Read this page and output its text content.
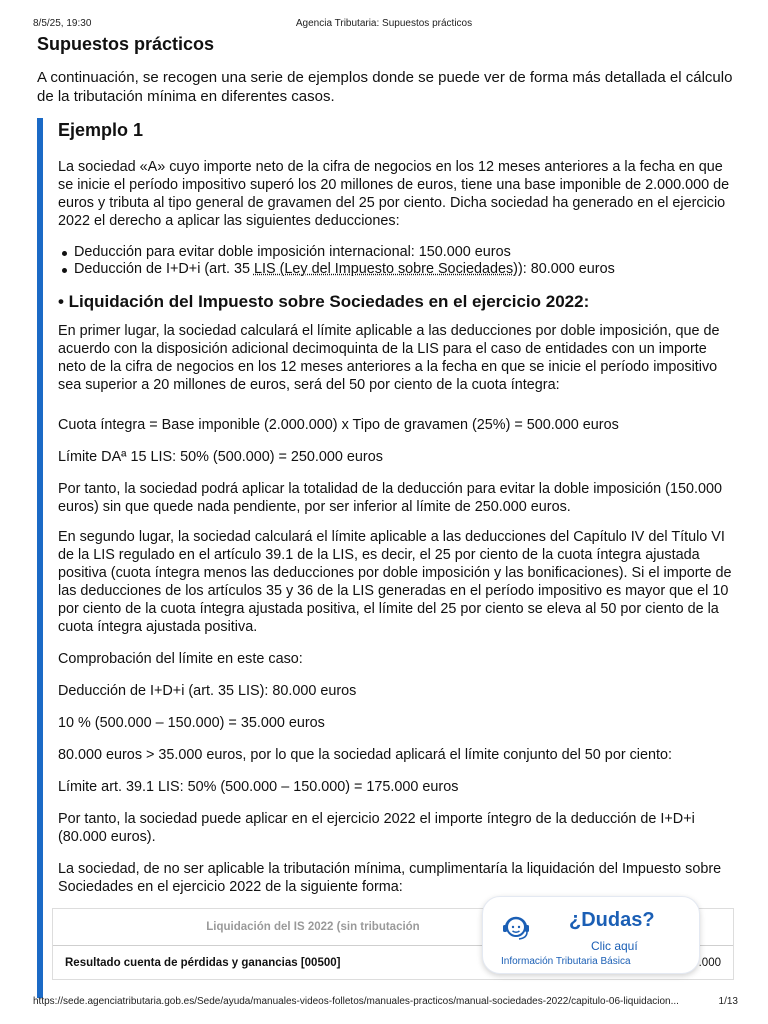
8/5/25, 19:30	Agencia Tributaria: Supuestos prácticos
Supuestos prácticos

A continuación, se recogen una serie de ejemplos donde se puede ver de forma más detallada el cálculo de la tributación mínima en diferentes casos.

Ejemplo 1

La sociedad «A» cuyo importe neto de la cifra de negocios en los 12 meses anteriores a la fecha en que se inicie el período impositivo superó los 20 millones de euros, tiene una base imponible de 2.000.000 de euros y tributa al tipo general de gravamen del 25 por ciento. Dicha sociedad ha generado en el ejercicio 2022 el derecho a aplicar las siguientes deducciones:

Deducción para evitar doble imposición internacional: 150.000 euros
Deducción de I+D+i (art. 35 LIS (Ley del Impuesto sobre Sociedades)): 80.000 euros
• Liquidación del Impuesto sobre Sociedades en el ejercicio 2022:

En primer lugar, la sociedad calculará el límite aplicable a las deducciones por doble imposición, que de acuerdo con la disposición adicional decimoquinta de la LIS para el caso de entidades con un importe neto de la cifra de negocios en los 12 meses anteriores a la fecha en que se inicie el período impositivo sea superior a 20 millones de euros, será del 50 por ciento de la cuota íntegra:

Cuota íntegra = Base imponible (2.000.000) x Tipo de gravamen (25%) = 500.000 euros

Límite DAª 15 LIS: 50% (500.000) = 250.000 euros

Por tanto, la sociedad podrá aplicar la totalidad de la deducción para evitar la doble imposición (150.000 euros) sin que quede nada pendiente, por ser inferior al límite de 250.000 euros.

En segundo lugar, la sociedad calculará el límite aplicable a las deducciones del Capítulo IV del Título VI de la LIS regulado en el artículo 39.1 de la LIS, es decir, el 25 por ciento de la cuota íntegra ajustada positiva (cuota íntegra menos las deducciones por doble imposición y las bonificaciones). Si el importe de las deducciones de los artículos 35 y 36 de la LIS generadas en el período impositivo es mayor que el 10 por ciento de la cuota íntegra ajustada positiva, el límite del 25 por ciento se eleva al 50 por ciento de la cuota íntegra ajustada positiva.

Comprobación del límite en este caso:

Deducción de I+D+i (art. 35 LIS): 80.000 euros

10 % (500.000 – 150.000) = 35.000 euros

80.000 euros > 35.000 euros, por lo que la sociedad aplicará el límite conjunto del 50 por ciento:

Límite art. 39.1 LIS: 50% (500.000 – 150.000) = 175.000 euros

Por tanto, la sociedad puede aplicar en el ejercicio 2022 el importe íntegro de la deducción de I+D+i (80.000 euros).

La sociedad, de no ser aplicable la tributación mínima, cumplimentaría la liquidación del Impuesto sobre Sociedades en el ejercicio 2022 de la siguiente forma:

Liquidación del IS 2022 (sin tributación
Resultado cuenta de pérdidas y ganancias [00500]	.000
¿Dudas?
Clic aquí
Información Tributaria Básica
https://sede.agenciatributaria.gob.es/Sede/ayuda/manuales-videos-folletos/manuales-practicos/manual-sociedades-2022/capitulo-06-liquidacion...	1/13
